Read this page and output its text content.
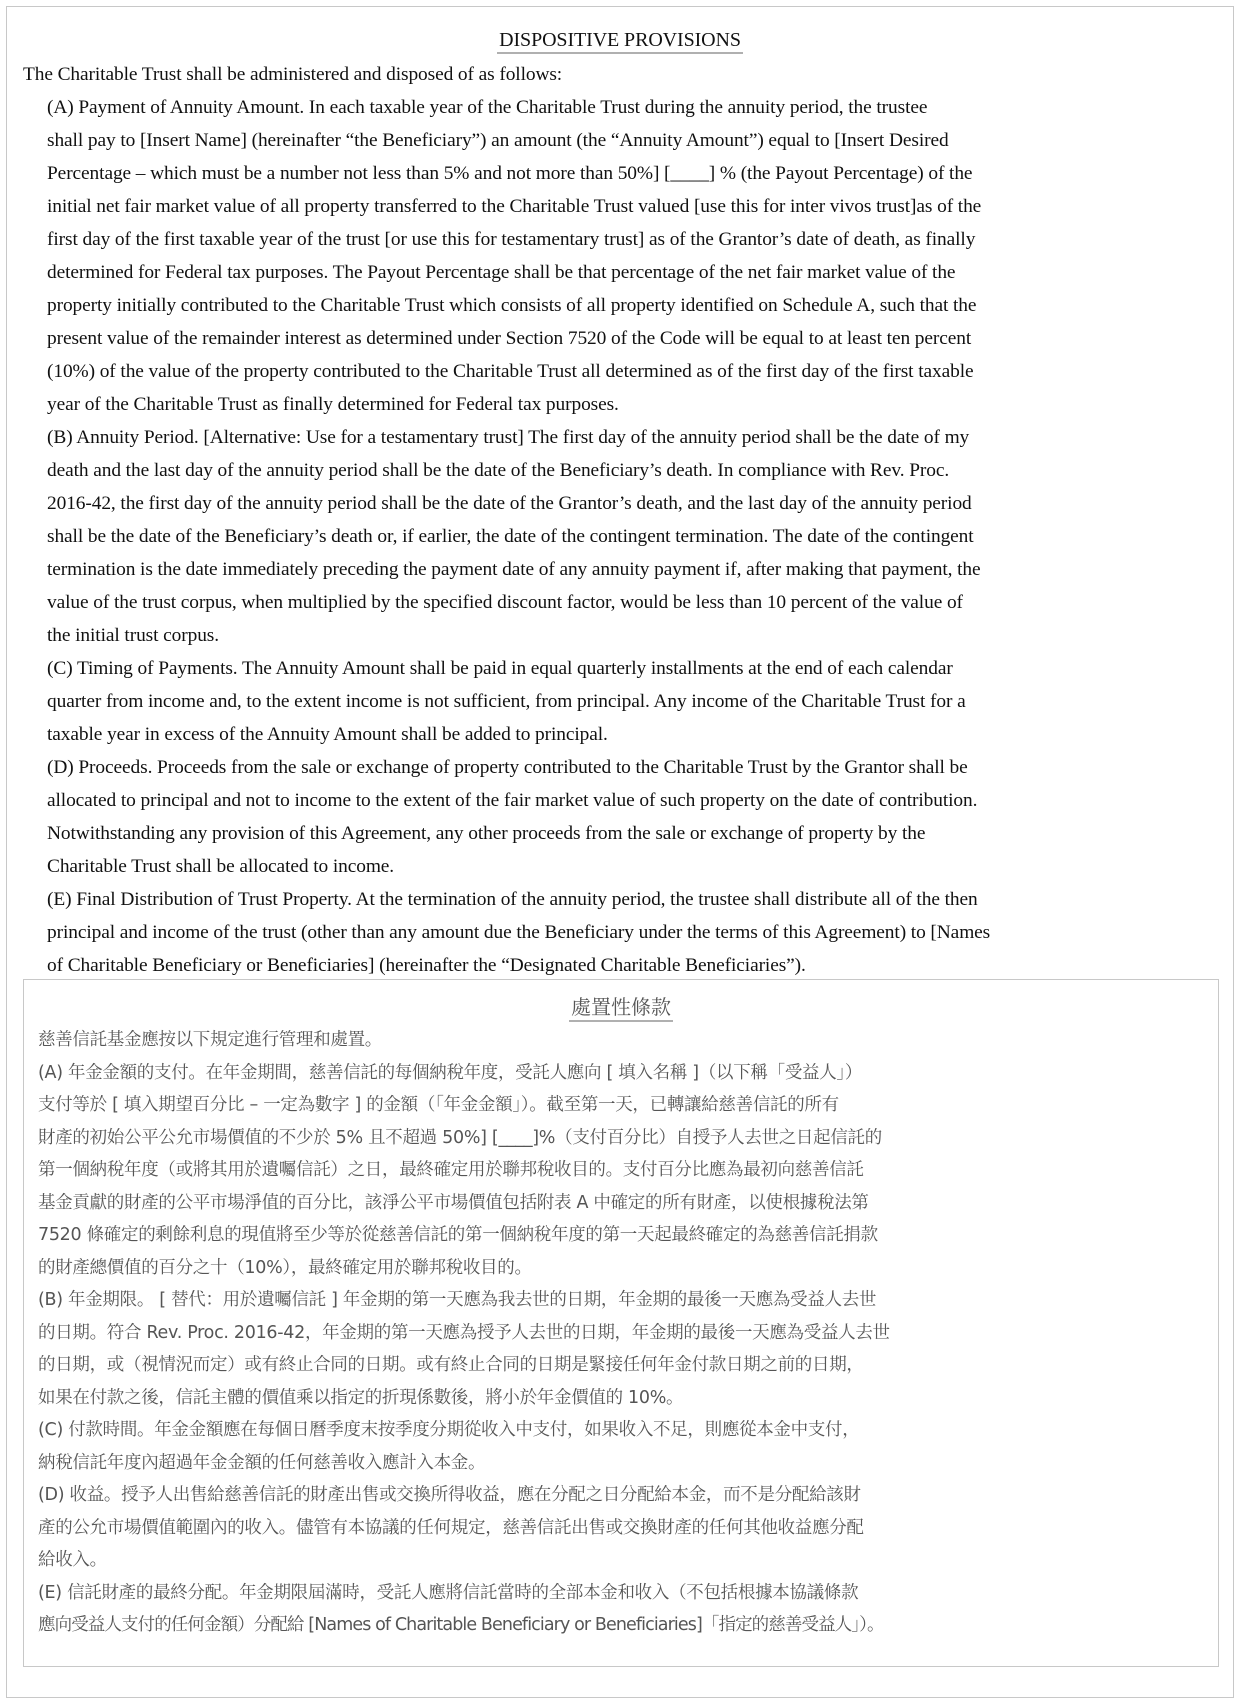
DISPOSITIVE PROVISIONS
The Charitable Trust shall be administered and disposed of as follows:
(A) Payment of Annuity Amount. In each taxable year of the Charitable Trust during the annuity period, the trustee
shall pay to [Insert Name] (hereinafter “the Beneficiary”) an amount (the “Annuity Amount”) equal to [Insert Desired
Percentage – which must be a number not less than 5% and not more than 50%] [____] % (the Payout Percentage) of the
initial net fair market value of all property transferred to the Charitable Trust valued [use this for inter vivos trust]as of the
first day of the first taxable year of the trust [or use this for testamentary trust] as of the Grantor’s date of death, as finally
determined for Federal tax purposes. The Payout Percentage shall be that percentage of the net fair market value of the
property initially contributed to the Charitable Trust which consists of all property identified on Schedule A, such that the
present value of the remainder interest as determined under Section 7520 of the Code will be equal to at least ten percent
(10%) of the value of the property contributed to the Charitable Trust all determined as of the first day of the first taxable
year of the Charitable Trust as finally determined for Federal tax purposes.
(B) Annuity Period. [Alternative: Use for a testamentary trust] The first day of the annuity period shall be the date of my
death and the last day of the annuity period shall be the date of the Beneficiary’s death. In compliance with Rev. Proc.
2016-42, the first day of the annuity period shall be the date of the Grantor’s death, and the last day of the annuity period
shall be the date of the Beneficiary’s death or, if earlier, the date of the contingent termination. The date of the contingent
termination is the date immediately preceding the payment date of any annuity payment if, after making that payment, the
value of the trust corpus, when multiplied by the specified discount factor, would be less than 10 percent of the value of
the initial trust corpus.
(C) Timing of Payments. The Annuity Amount shall be paid in equal quarterly installments at the end of each calendar
quarter from income and, to the extent income is not sufficient, from principal. Any income of the Charitable Trust for a
taxable year in excess of the Annuity Amount shall be added to principal.
(D) Proceeds. Proceeds from the sale or exchange of property contributed to the Charitable Trust by the Grantor shall be
allocated to principal and not to income to the extent of the fair market value of such property on the date of contribution.
Notwithstanding any provision of this Agreement, any other proceeds from the sale or exchange of property by the
Charitable Trust shall be allocated to income.
(E) Final Distribution of Trust Property. At the termination of the annuity period, the trustee shall distribute all of the then
principal and income of the trust (other than any amount due the Beneficiary under the terms of this Agreement) to [Names
of Charitable Beneficiary or Beneficiaries] (hereinafter the “Designated Charitable Beneficiaries”).
處置性條款
慈善信託基金應按以下規定進行管理和處置。
(A) 年金金額的支付。在年金期間，慈善信託的每個納稅年度，受託人應向 [ 填入名稱 ]（以下稱「受益人」）
支付等於 [ 填入期望百分比 – 一定為數字 ] 的金額（「年金金額」）。截至第一天，已轉讓給慈善信託的所有
財產的初始公平公允市場價值的不少於 5% 且不超過 50%] [____]%（支付百分比）自授予人去世之日起信託的
第一個納稅年度（或將其用於遺囑信託）之日，最終確定用於聯邦稅收目的。支付百分比應為最初向慈善信託
基金貢獻的財產的公平市場淨值的百分比，該淨公平市場價值包括附表 A 中確定的所有財產，以使根據稅法第
7520 條確定的剩餘利息的現值將至少等於從慈善信託的第一個納稅年度的第一天起最終確定的為慈善信託捐款
的財產總價值的百分之十（10%），最終確定用於聯邦稅收目的。
(B) 年金期限。 [ 替代：用於遺囑信託 ] 年金期的第一天應為我去世的日期，年金期的最後一天應為受益人去世
的日期。符合 Rev. Proc. 2016-42，年金期的第一天應為授予人去世的日期，年金期的最後一天應為受益人去世
的日期，或（視情況而定）或有終止合同的日期。或有終止合同的日期是緊接任何年金付款日期之前的日期，
如果在付款之後，信託主體的價值乘以指定的折現係數後，將小於年金價值的 10%。
(C) 付款時間。年金金額應在每個日曆季度末按季度分期從收入中支付，如果收入不足，則應從本金中支付，
納稅信託年度內超過年金金額的任何慈善收入應計入本金。
(D) 收益。授予人出售給慈善信託的財產出售或交換所得收益，應在分配之日分配給本金，而不是分配給該財
產的公允市場價值範圍內的收入。儘管有本協議的任何規定，慈善信託出售或交換財產的任何其他收益應分配
給收入。
(E) 信託財產的最終分配。年金期限屆滿時，受託人應將信託當時的全部本金和收入（不包括根據本協議條款
應向受益人支付的任何金額）分配給 [Names of Charitable Beneficiary or Beneficiaries]「指定的慈善受益人」）。
